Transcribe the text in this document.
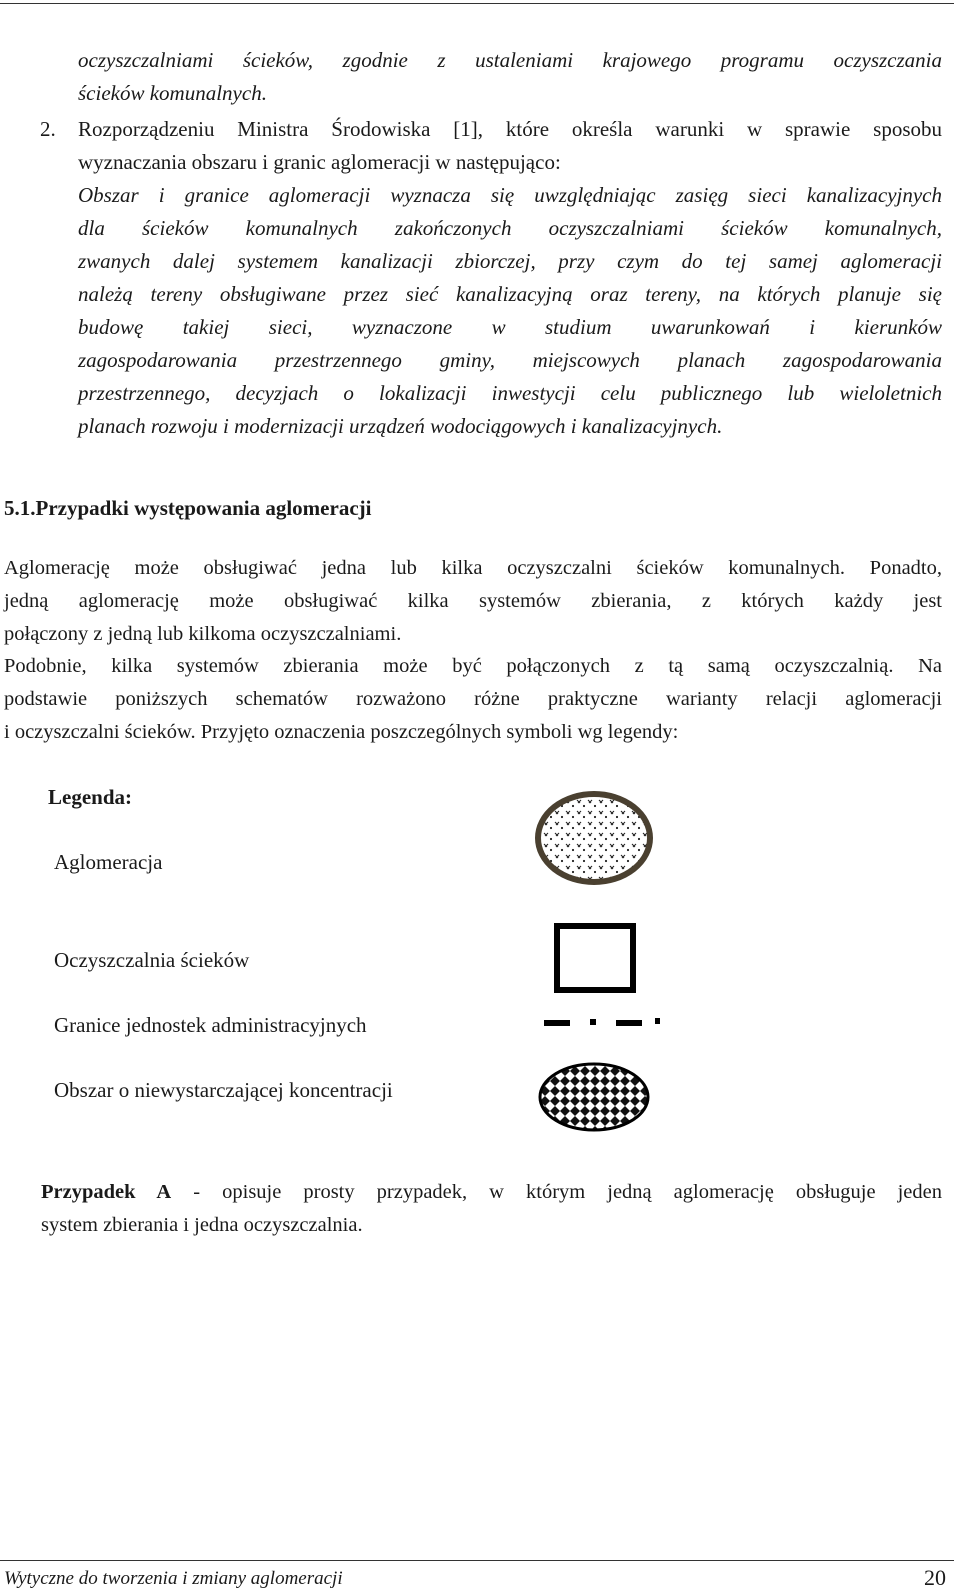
oczyszczalniami ścieków, zgodnie z ustaleniami krajowego programu oczyszczania

ścieków komunalnych.

2. Rozporządzeniu Ministra Środowiska [1], które określa warunki w sprawie sposobu

wyznaczania obszaru i granic aglomeracji w następująco:

Obszar i granice aglomeracji wyznacza się uwzględniając zasięg sieci kanalizacyjnych

dla ścieków komunalnych zakończonych oczyszczalniami ścieków komunalnych,

zwanych dalej systemem kanalizacji zbiorczej, przy czym do tej samej aglomeracji

należą tereny obsługiwane przez sieć kanalizacyjną oraz tereny, na których planuje się

budowę takiej sieci, wyznaczone w studium uwarunkowań i kierunków

zagospodarowania przestrzennego gminy, miejscowych planach zagospodarowania

przestrzennego, decyzjach o lokalizacji inwestycji celu publicznego lub wieloletnich

planach rozwoju i modernizacji urządzeń wodociągowych i kanalizacyjnych.

5.1.Przypadki występowania aglomeracji

Aglomerację może obsługiwać jedna lub kilka oczyszczalni ścieków komunalnych. Ponadto,

jedną aglomerację może obsługiwać kilka systemów zbierania, z których każdy jest

połączony z jedną lub kilkoma oczyszczalniami.

Podobnie, kilka systemów zbierania może być połączonych z tą samą oczyszczalnią. Na

podstawie poniższych schematów rozważono różne praktyczne warianty relacji aglomeracji

i oczyszczalni ścieków. Przyjęto oznaczenia poszczególnych symboli wg legendy:

Legenda:
Aglomeracja
Oczyszczalnia ścieków
Granice jednostek administracyjnych
Obszar o niewystarczającej koncentracji

Przypadek A - opisuje prosty przypadek, w którym jedną aglomerację obsługuje jeden

system zbierania i jedna oczyszczalnia.

Wytyczne do tworzenia i zmiany aglomeracji	20
